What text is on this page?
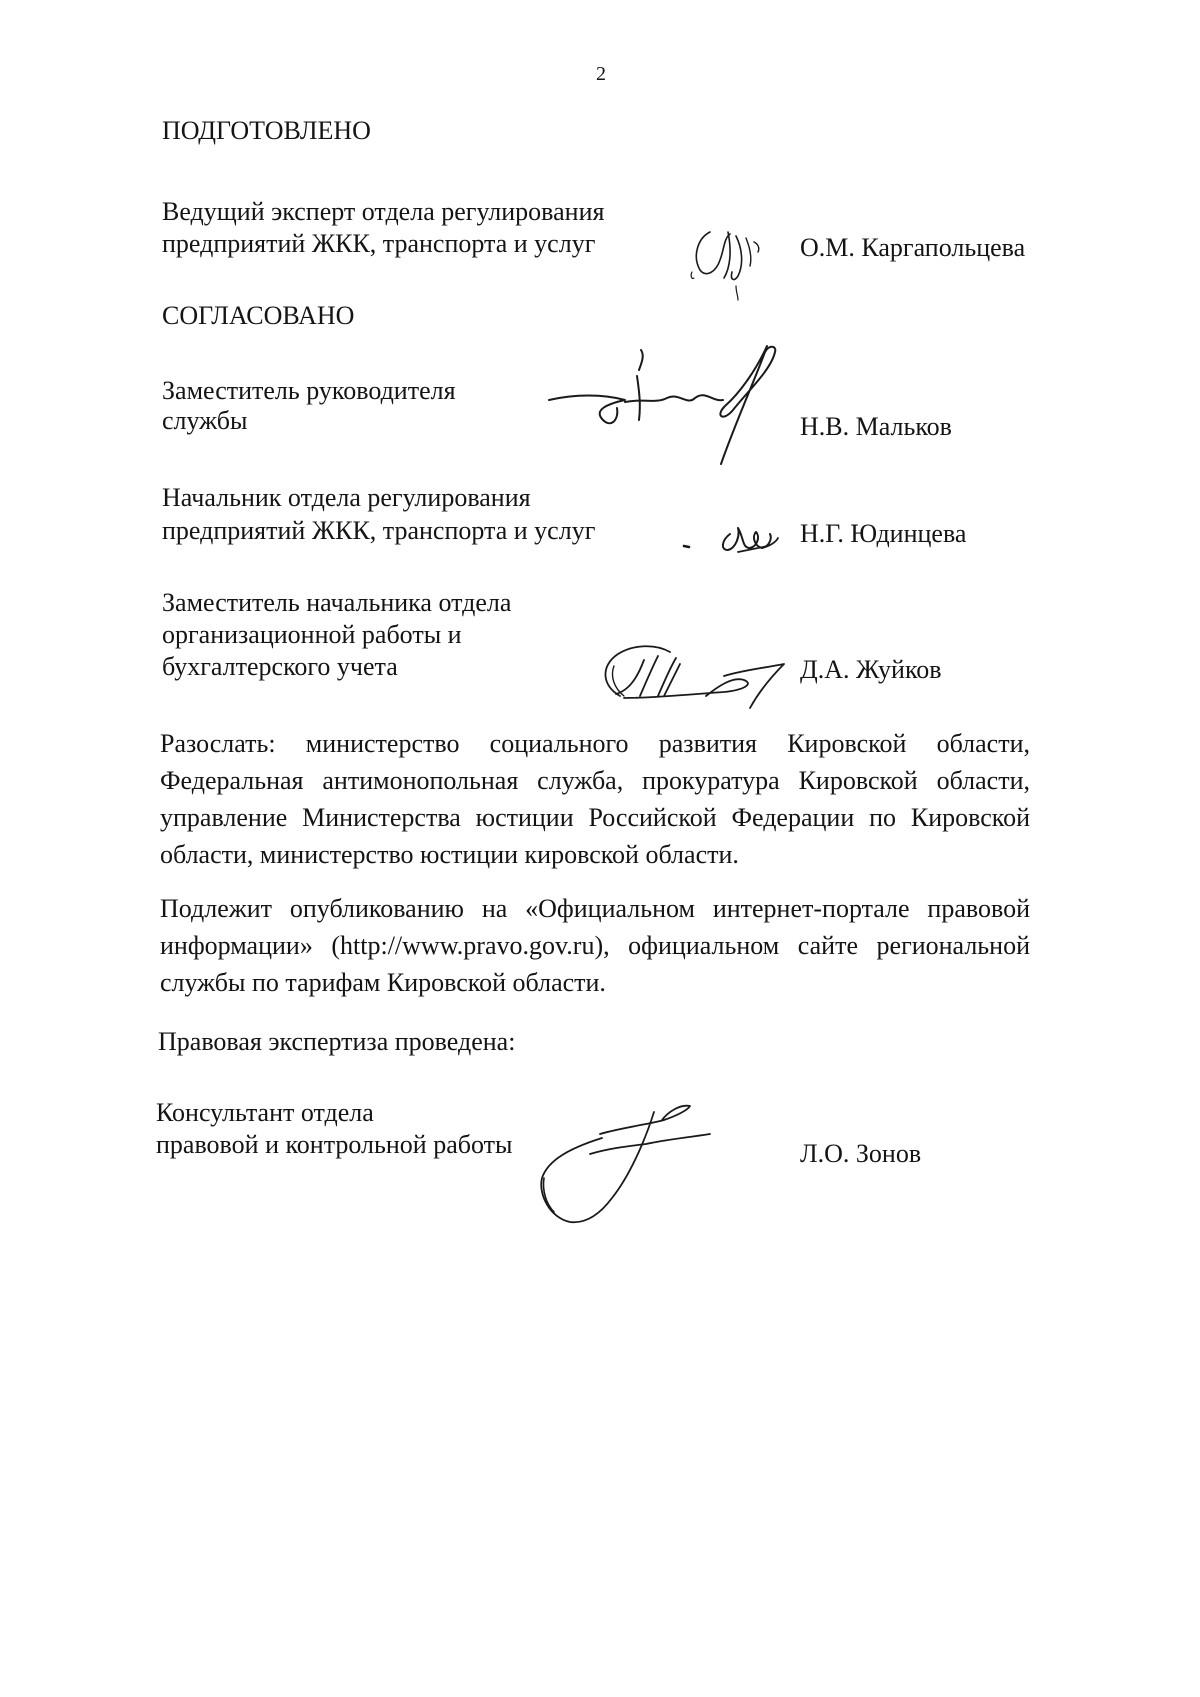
2
ПОДГОТОВЛЕНО
Ведущий эксперт отдела регулирования
предприятий ЖКК, транспорта и услуг	О.М. Каргапольцева
СОГЛАСОВАНО
Заместитель руководителя
службы	Н.В. Мальков
Начальник отдела регулирования
предприятий ЖКК, транспорта и услуг	Н.Г. Юдинцева
Заместитель начальника отдела
организационной работы и
бухгалтерского учета	Д.А. Жуйков
Разослать: министерство социального развития Кировской области, Федеральная антимонопольная служба, прокуратура Кировской области, управление Министерства юстиции Российской Федерации по Кировской области, министерство юстиции кировской области.
Подлежит опубликованию на «Официальном интернет-портале правовой информации» (http://www.pravo.gov.ru), официальном сайте региональной службы по тарифам Кировской области.
Правовая экспертиза проведена:
Консультант отдела
правовой и контрольной работы	Л.О. Зонов
